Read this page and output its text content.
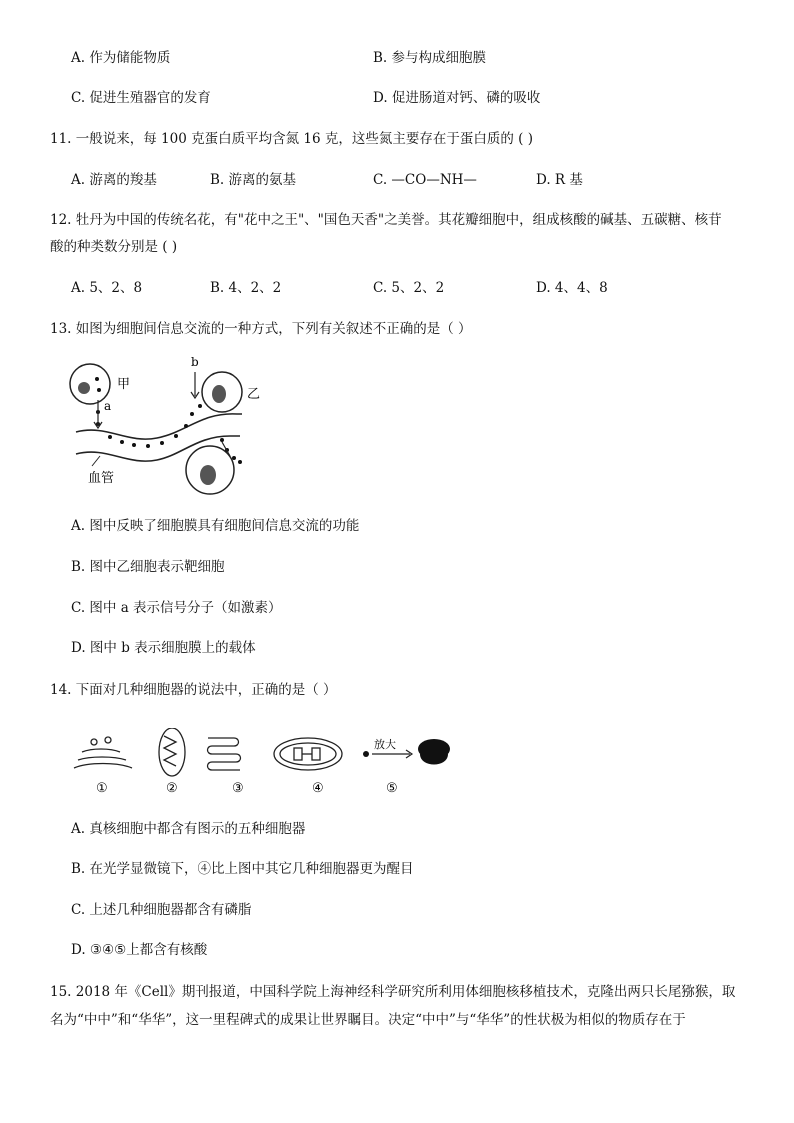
A. 作为储能物质	B. 参与构成细胞膜
C. 促进生殖器官的发育	D. 促进肠道对钙、磷的吸收
11. 一般说来，每 100 克蛋白质平均含氮 16 克，这些氮主要存在于蛋白质的 ( )
A. 游离的羧基	B. 游离的氨基	C. —CO—NH—	D. R 基
12. 牡丹为中国的传统名花，有"花中之王"、"国色天香"之美誉。其花瓣细胞中，组成核酸的碱基、五碳糖、核苷
酸的种类数分别是 ( )
A. 5、2、8	B. 4、2、2	C. 5、2、2	D. 4、4、8
13. 如图为细胞间信息交流的一种方式，下列有关叙述不正确的是（ ）
甲
乙
a
b
血管
A. 图中反映了细胞膜具有细胞间信息交流的功能
B. 图中乙细胞表示靶细胞
C. 图中 a 表示信号分子（如激素）
D. 图中 b 表示细胞膜上的载体
14. 下面对几种细胞器的说法中，正确的是（ ）
放大
①	②	③	④	⑤
A. 真核细胞中都含有图示的五种细胞器
B. 在光学显微镜下，④比上图中其它几种细胞器更为醒目
C. 上述几种细胞器都含有磷脂
D. ③④⑤上都含有核酸
15. 2018 年《Cell》期刊报道，中国科学院上海神经科学研究所利用体细胞核移植技术，克隆出两只长尾猕猴，取
名为“中中”和“华华”，这一里程碑式的成果让世界瞩目。决定“中中”与“华华”的性状极为相似的物质存在于
